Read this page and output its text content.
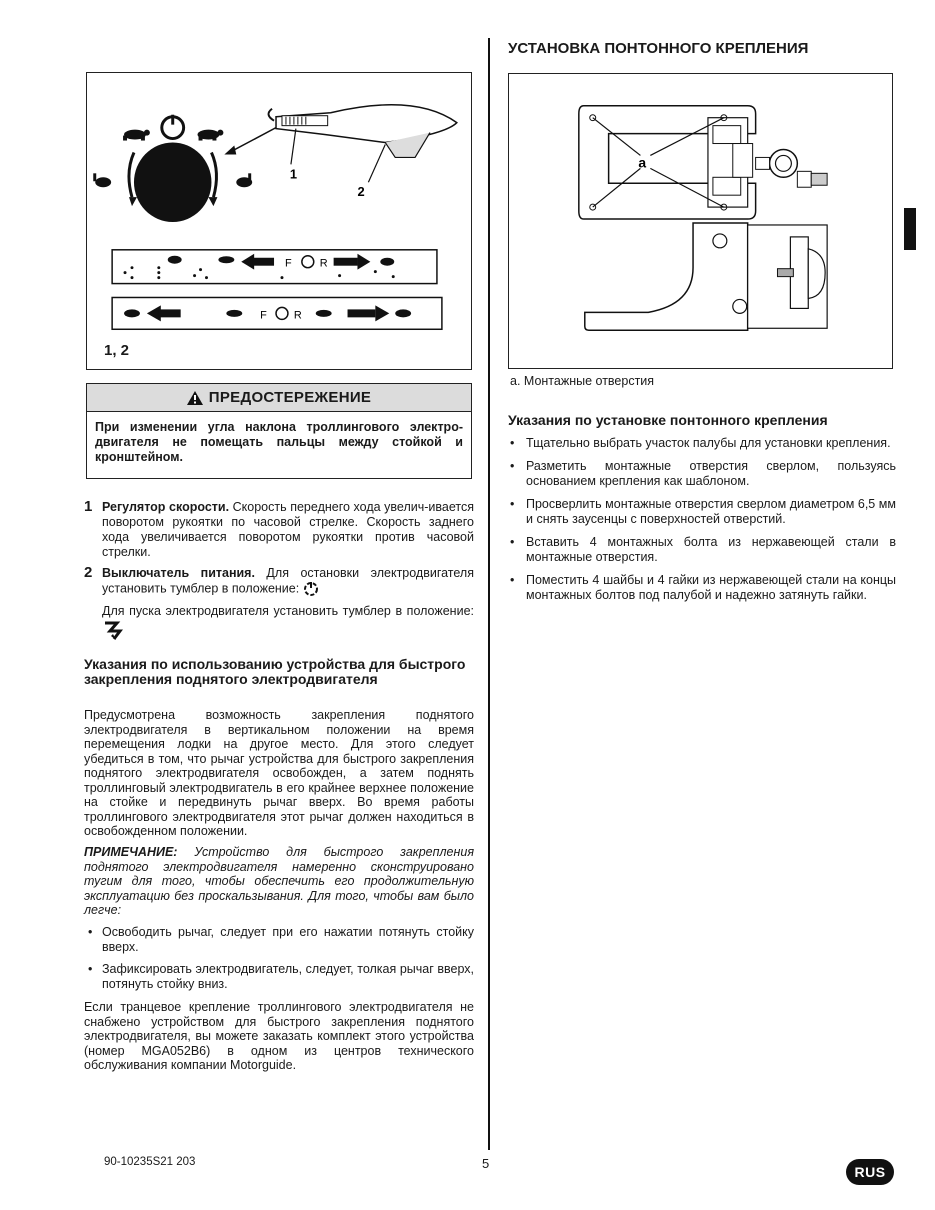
1
2
F	R
F R
1, 2
ПРЕДОСТЕРЕЖЕНИЕ
При изменении угла наклона троллингового электро-двигателя не помещать пальцы между стойкой и кронштейном.
1 Регулятор скорости. Скорость переднего хода увелич-ивается поворотом рукоятки по часовой стрелке. Скорость заднего хода увеличивается поворотом рукоятки против часовой стрелки.
2 Выключатель питания. Для остановки электродвигателя установить тумблер в положение:
Для пуска электродвигателя установить тумблер в положение:
Указания по использованию устройства для быстрого закрепления поднятого электродвигателя
Предусмотрена возможность закрепления поднятого электродвигателя в вертикальном положении на время перемещения лодки на другое место. Для этого следует убедиться в том, что рычаг устройства для быстрого закрепления поднятого электродвигателя освобожден, а затем поднять троллинговый электродвигатель в его крайнее верхнее положение на стойке и передвинуть рычаг вверх. Во время работы троллингового электродвигателя этот рычаг должен находиться в освобожденном положении.
ПРИМЕЧАНИЕ: Устройство для быстрого закрепления поднятого электродвигателя намеренно сконструировано тугим для того, чтобы обеспечить его продолжительную эксплуатацию без проскальзывания. Для того, чтобы вам было легче:
• Освободить рычаг, следует при его нажатии потянуть стойку вверх.
• Зафиксировать электродвигатель, следует, толкая рычаг вверх, потянуть стойку вниз.
Если транцевое крепление троллингового электродвигателя не снабжено устройством для быстрого закрепления поднятого электродвигателя, вы можете заказать комплект этого устройства (номер MGA052B6) в одном из центров технического обслуживания компании Motorguide.
УСТАНОВКА ПОНТОННОГО КРЕПЛЕНИЯ
a
a. Монтажные отверстия
Указания по установке понтонного крепления
• Тщательно выбрать участок палубы для установки крепления.
• Разметить монтажные отверстия сверлом, пользуясь основанием крепления как шаблоном.
• Просверлить монтажные отверстия сверлом диаметром 6,5 мм и снять заусенцы с поверхностей отверстий.
• Вставить 4 монтажных болта из нержавеющей стали в монтажные отверстия.
• Поместить 4 шайбы и 4 гайки из нержавеющей стали на концы монтажных болтов под палубой и надежно затянуть гайки.
90-10235S21 203	5
RUS
